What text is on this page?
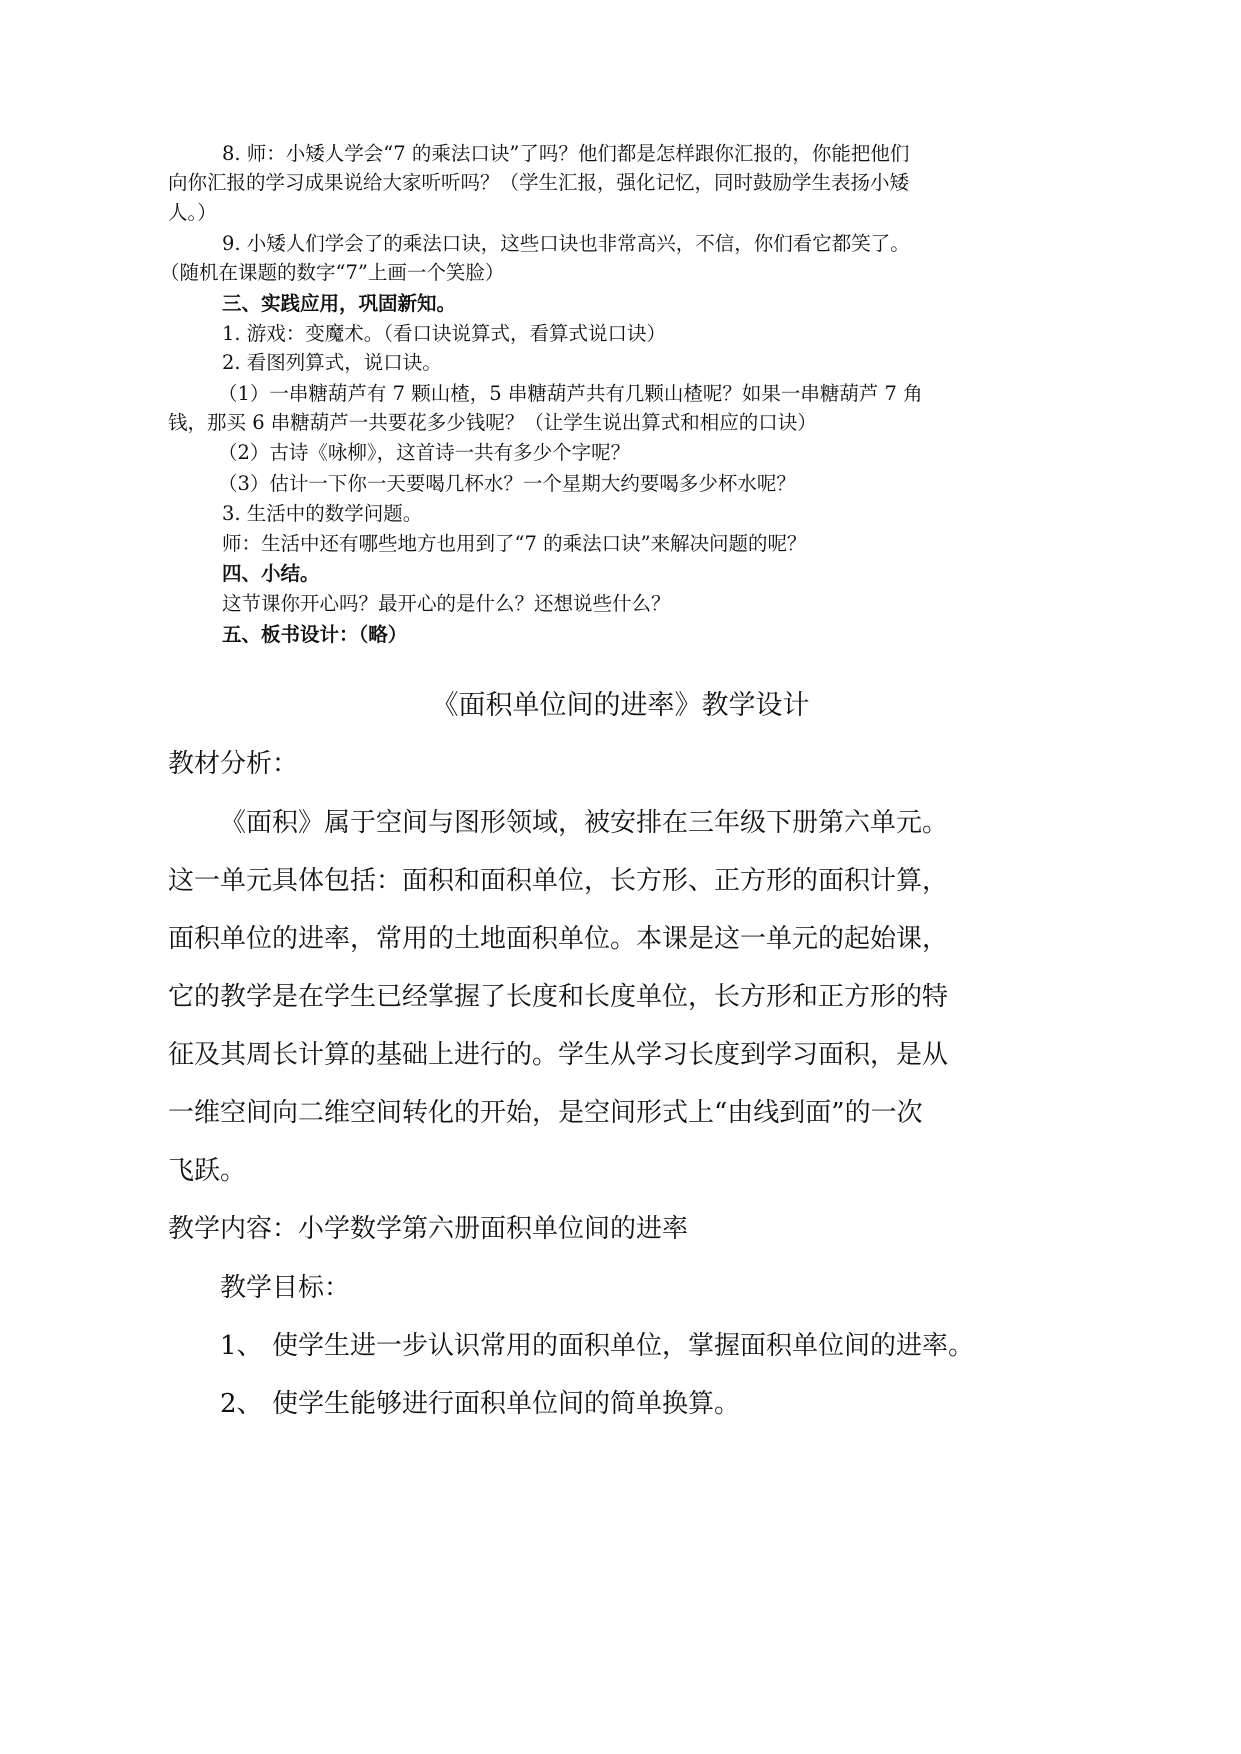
8. 师：小矮人学会“7 的乘法口诀”了吗？他们都是怎样跟你汇报的，你能把他们
向你汇报的学习成果说给大家听听吗？（学生汇报，强化记忆，同时鼓励学生表扬小矮
人。）
9. 小矮人们学会了的乘法口诀，这些口诀也非常高兴，不信，你们看它都笑了。
（随机在课题的数字“7”上画一个笑脸）
三、实践应用，巩固新知。
1. 游戏：变魔术。（看口诀说算式，看算式说口诀）
2. 看图列算式，说口诀。
（1）一串糖葫芦有 7 颗山楂，5 串糖葫芦共有几颗山楂呢？如果一串糖葫芦 7 角
钱，那买 6 串糖葫芦一共要花多少钱呢？（让学生说出算式和相应的口诀）
（2）古诗《咏柳》，这首诗一共有多少个字呢？
（3）估计一下你一天要喝几杯水？一个星期大约要喝多少杯水呢？
3. 生活中的数学问题。
师：生活中还有哪些地方也用到了“7 的乘法口诀”来解决问题的呢？
四、小结。
这节课你开心吗？最开心的是什么？还想说些什么？
五、板书设计：（略）
《面积单位间的进率》教学设计
教材分析：
《面积》属于空间与图形领域，被安排在三年级下册第六单元。
这一单元具体包括：面积和面积单位，长方形、正方形的面积计算，
面积单位的进率，常用的土地面积单位。本课是这一单元的起始课，
它的教学是在学生已经掌握了长度和长度单位，长方形和正方形的特
征及其周长计算的基础上进行的。学生从学习长度到学习面积，是从
一维空间向二维空间转化的开始，是空间形式上“由线到面”的一次
飞跃。
教学内容：小学数学第六册面积单位间的进率
教学目标：
1、 使学生进一步认识常用的面积单位，掌握面积单位间的进率。
2、 使学生能够进行面积单位间的简单换算。
